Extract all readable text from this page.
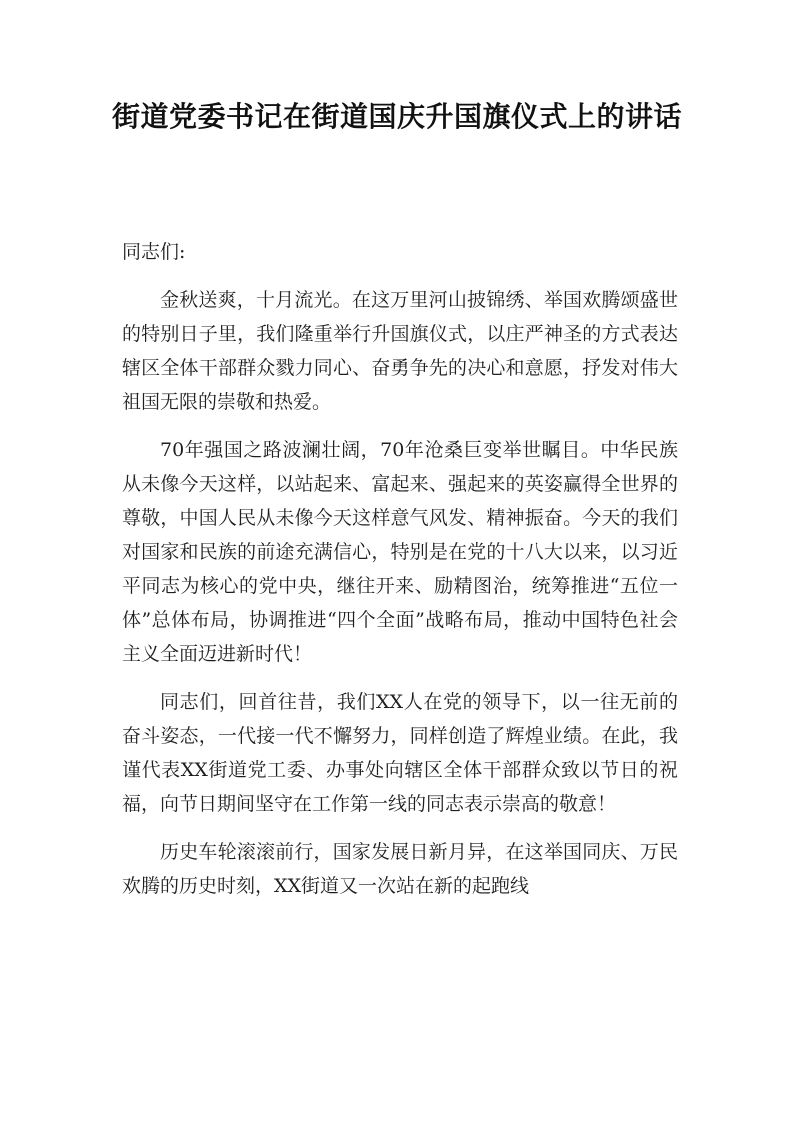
街道党委书记在街道国庆升国旗仪式上的讲话

同志们:

金秋送爽，十月流光。在这万里河山披锦绣、举国欢腾颂盛世的特别日子里，我们隆重举行升国旗仪式，以庄严神圣的方式表达辖区全体干部群众戮力同心、奋勇争先的决心和意愿，抒发对伟大祖国无限的崇敬和热爱。

70年强国之路波澜壮阔，70年沧桑巨变举世瞩目。中华民族从未像今天这样，以站起来、富起来、强起来的英姿赢得全世界的尊敬，中国人民从未像今天这样意气风发、精神振奋。今天的我们对国家和民族的前途充满信心，特别是在党的十八大以来，以习近平同志为核心的党中央，继往开来、励精图治，统筹推进“五位一体”总体布局，协调推进“四个全面”战略布局，推动中国特色社会主义全面迈进新时代！

同志们，回首往昔，我们XX人在党的领导下，以一往无前的奋斗姿态，一代接一代不懈努力，同样创造了辉煌业绩。在此，我谨代表XX街道党工委、办事处向辖区全体干部群众致以节日的祝福，向节日期间坚守在工作第一线的同志表示崇高的敬意！

历史车轮滚滚前行，国家发展日新月异，在这举国同庆、万民欢腾的历史时刻，XX街道又一次站在新的起跑线
